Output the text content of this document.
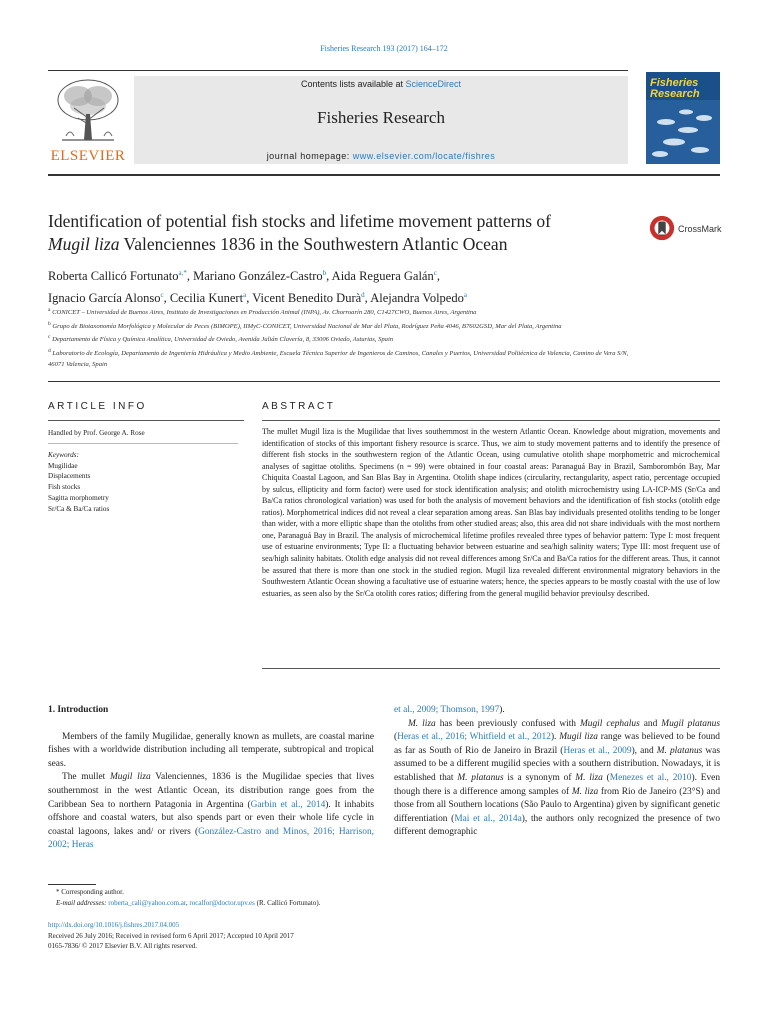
Fisheries Research 193 (2017) 164–172
ELSEVIER
Contents lists available at ScienceDirect
Fisheries Research
journal homepage: www.elsevier.com/locate/fishres
Fisheries Research
Identification of potential fish stocks and lifetime movement patterns of
Mugil liza Valenciennes 1836 in the Southwestern Atlantic Ocean
CrossMark
Roberta Callicó Fortunato$^{a,*}$, Mariano González-Castro$^b$, Aida Reguera Galán$^c$,
Ignacio García Alonso$^c$, Cecilia Kunert$^a$, Vicent Benedito Durà$^d$, Alejandra Volpedo$^a$
$^a$ CONICET – Universidad de Buenos Aires, Instituto de Investigaciones en Producción Animal (INPA), Av. Chorroarín 280, C1427CWO, Buenos Aires, Argentina
$^b$ Grupo de Biotaxonomía Morfológica y Molecular de Peces (BIMOPE), IIMyC-CONICET, Universidad Nacional de Mar del Plata, Rodríguez Peña 4046, B7602GSD, Mar del Plata, Argentina
$^c$ Departamento de Física y Química Analítica, Universidad de Oviedo, Avenida Julián Clavería, 8, 33006 Oviedo, Asturias, Spain
$^d$ Laboratorio de Ecología, Departamento de Ingeniería Hidráulica y Medio Ambiente, Escuela Técnica Superior de Ingenieros de Caminos, Canales y Puertos, Universidad Politécnica de Valencia, Camino de Vera S/N, 46071 Valencia, Spain
ARTICLE INFO	ABSTRACT
Handled by Prof. George A. Rose
Keywords:
Mugilidae
Displacements
Fish stocks
Sagitta morphometry
Sr/Ca & Ba/Ca ratios
The mullet Mugil liza is the Mugilidae that lives southernmost in the western Atlantic Ocean. Knowledge about migration, movements and identification of stocks of this important fishery resource is scarce. Thus, we aim to study movement patterns and to identify the presence of different fish stocks in the southwestern region of the Atlantic Ocean, using cumulative otolith shape morphometric and microchemical analyses of sagittae otoliths. Specimens (n = 99) were obtained in four coastal areas: Paranaguá Bay in Brazil, Samborombón Bay, Mar Chiquita Coastal Lagoon, and San Blas Bay in Argentina. Otolith shape indices (circularity, rectangularity, aspect ratio, percentage occupied by sulcus, ellipticity and form factor) were used for stock identification analysis; and otolith microchemistry using LA-ICP-MS (Sr/Ca and Ba/Ca ratios chronological variation) was used for both the analysis of movement behaviors and the identification of fish stocks (otolith edge ratios). Morphometrical indices did not reveal a clear separation among areas. San Blas bay individuals presented otoliths tending to be longer than wider, with a more elliptic shape than the otoliths from other studied areas; also, this area did not share individuals with the most northern one, Paranaguá Bay in Brazil. The analysis of microchemical lifetime profiles revealed three types of behavior pattern: Type I: most frequent use of estuarine environments; Type II: a fluctuating behavior between estuarine and sea/high salinity waters; Type III: most frequent use of sea/high salinity habitats. Otolith edge analysis did not reveal differences among Sr/Ca and Ba/Ca ratios for the different areas. Thus, it cannot be assured that there is more than one stock in the studied region. Mugil liza revealed different environmental migratory behaviors in the Southwestern Atlantic Ocean showing a facultative use of estuarine waters; hence, the species appears to be mostly coastal with the use of low estuaries, as seen also by the Sr/Ca otolith cores ratios; differing from the general mugilid behavior previoulsy described.
1. Introduction

Members of the family Mugilidae, generally known as mullets, are coastal marine fishes with a worldwide distribution including all temperate, subtropical and tropical seas.

The mullet Mugil liza Valenciennes, 1836 is the Mugilidae species that lives southernmost in the west Atlantic Ocean, its distribution range goes from the Caribbean Sea to northern Patagonia in Argentina (Garbin et al., 2014). It inhabits offshore and coastal waters, but also spends part or even their whole life cycle in coastal lagoons, lakes and/ or rivers (González-Castro and Minos, 2016; Harrison, 2002; Heras

et al., 2009; Thomson, 1997).

M. liza has been previously confused with Mugil cephalus and Mugil platanus (Heras et al., 2016; Whitfield et al., 2012). Mugil liza range was believed to be found as far as South of Rio de Janeiro in Brazil (Heras et al., 2009), and M. platanus was assumed to be a different mugilid species with a southern distribution. Nowadays, it is established that M. platanus is a synonym of M. liza (Menezes et al., 2010). Even though there is a difference among samples of M. liza from Rio de Janeiro (23°S) and those from all Southern locations (São Paulo to Argentina) given by significant genetic differentiation (Mai et al., 2014a), the authors only recognized the presence of two different demographic

* Corresponding author.
E-mail addresses: roberta_cali@yahoo.com.ar, rocalfor@doctor.upv.es (R. Callicó Fortunato).
http://dx.doi.org/10.1016/j.fishres.2017.04.005
Received 26 July 2016; Received in revised form 6 April 2017; Accepted 10 April 2017
0165-7836/ © 2017 Elsevier B.V. All rights reserved.
